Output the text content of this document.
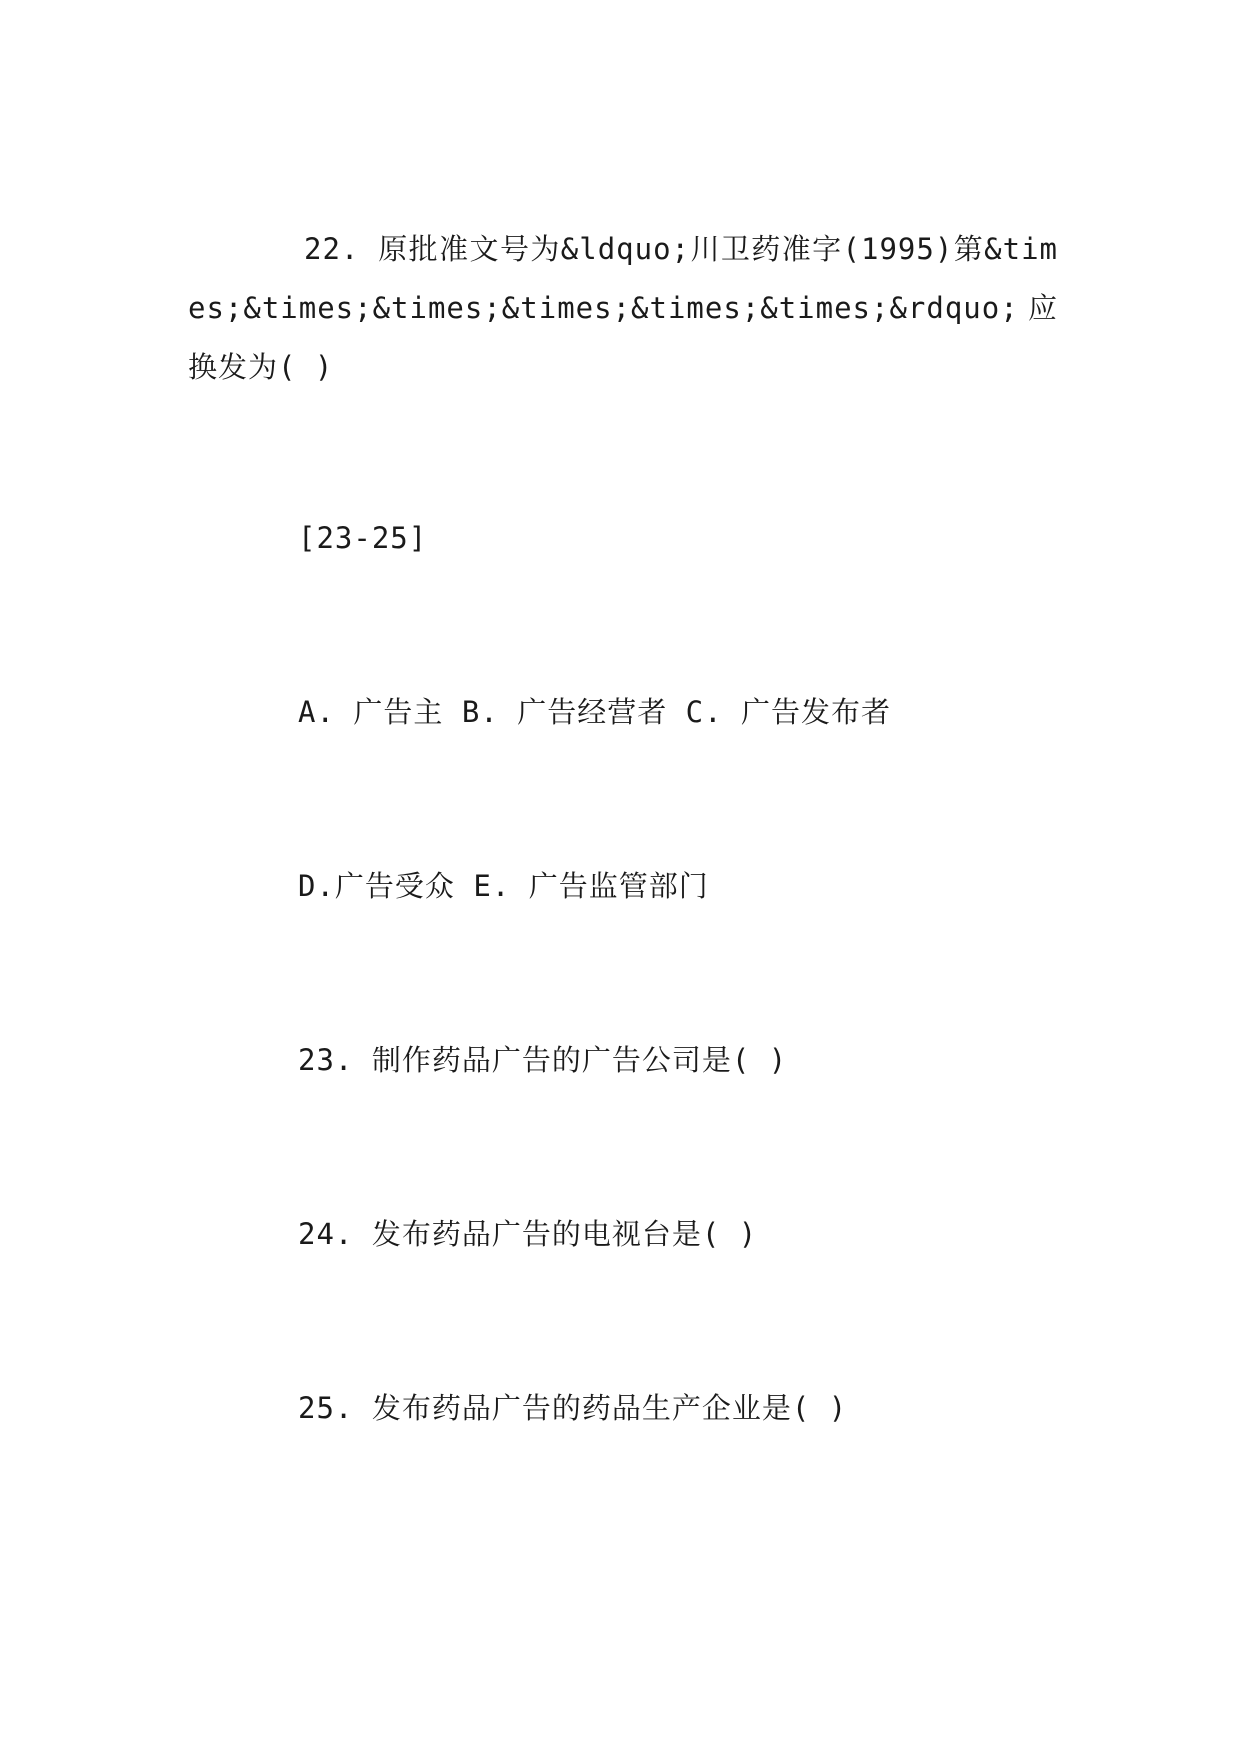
22. 原批准文号为&ldquo;川卫药准字(1995)第&times;&times;&times;&times;&times;&times;&rdquo;应换发为( )

[23-25]

A. 广告主 B. 广告经营者 C. 广告发布者

D.广告受众 E. 广告监管部门

23. 制作药品广告的广告公司是( )

24. 发布药品广告的电视台是( )

25. 发布药品广告的药品生产企业是( )
